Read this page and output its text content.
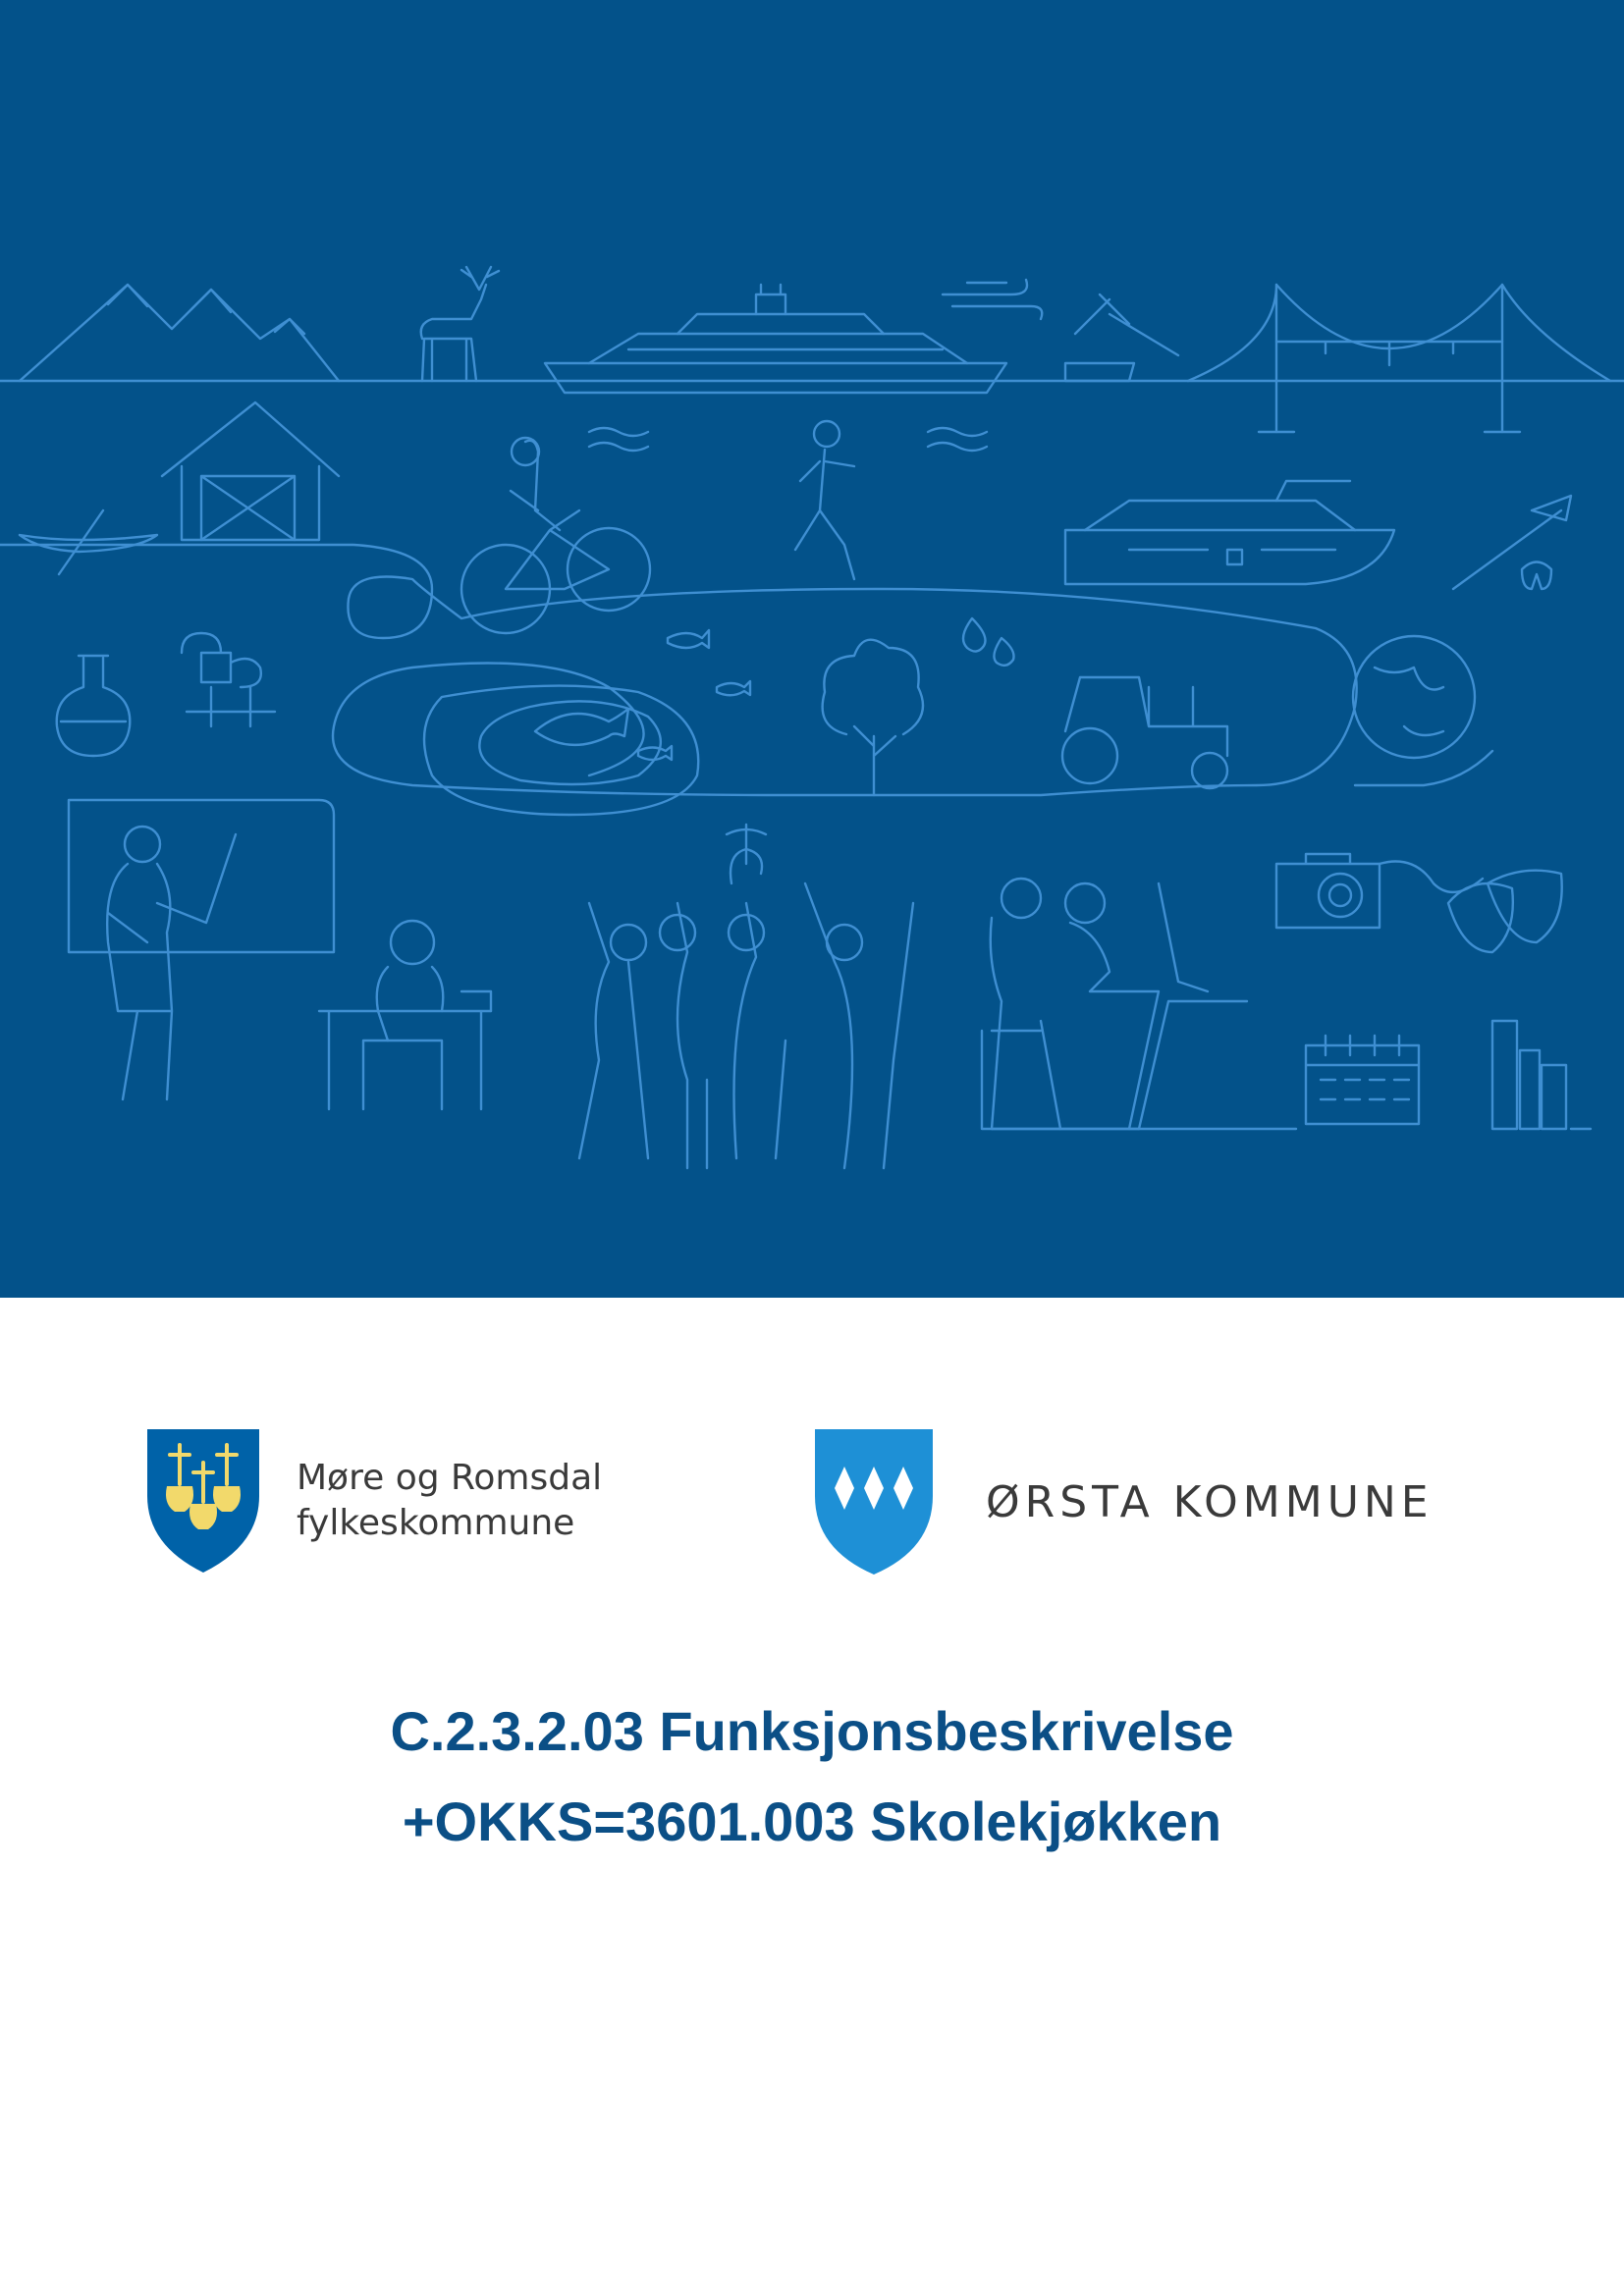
Møre og Romsdal
fylkeskommune	ØRSTA KOMMUNE
C.2.3.2.03 Funksjonsbeskrivelse
+OKKS=3601.003 Skolekjøkken
